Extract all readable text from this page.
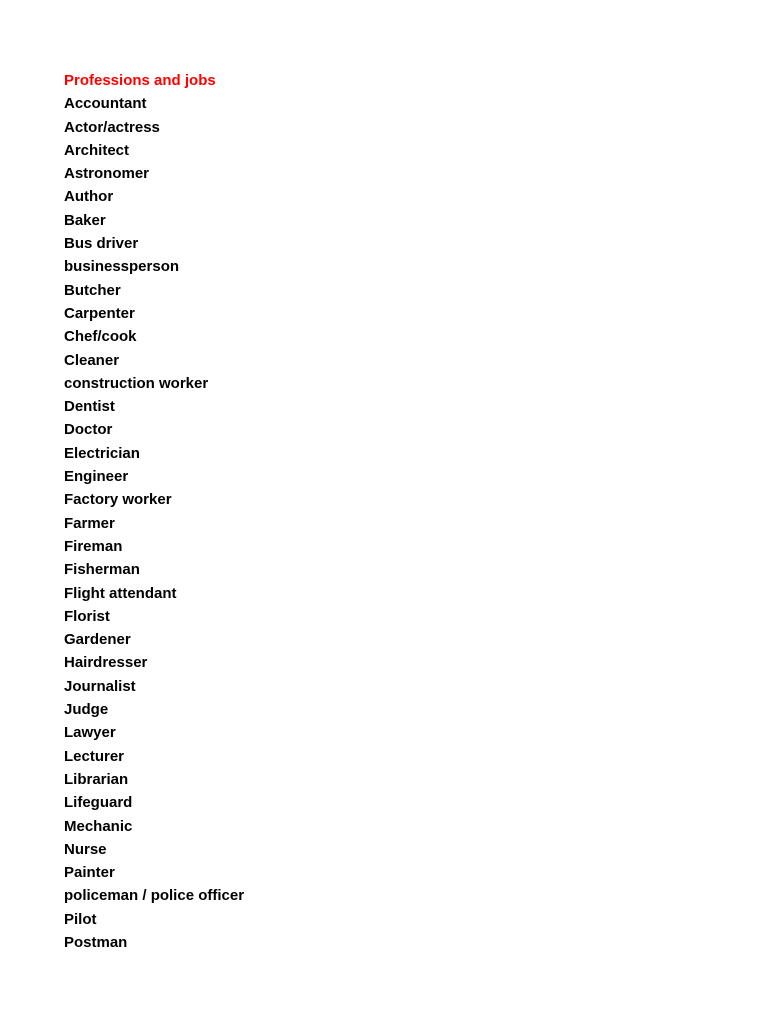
Professions and jobs
Accountant
Actor/actress
Architect
Astronomer
Author
Baker
Bus driver
businessperson
Butcher
Carpenter
Chef/cook
Cleaner
construction worker
Dentist
Doctor
Electrician
Engineer
Factory worker
Farmer
Fireman
Fisherman
Flight attendant
Florist
Gardener
Hairdresser
Journalist
Judge
Lawyer
Lecturer
Librarian
Lifeguard
Mechanic
Nurse
Painter
policeman / police officer
Pilot
Postman
